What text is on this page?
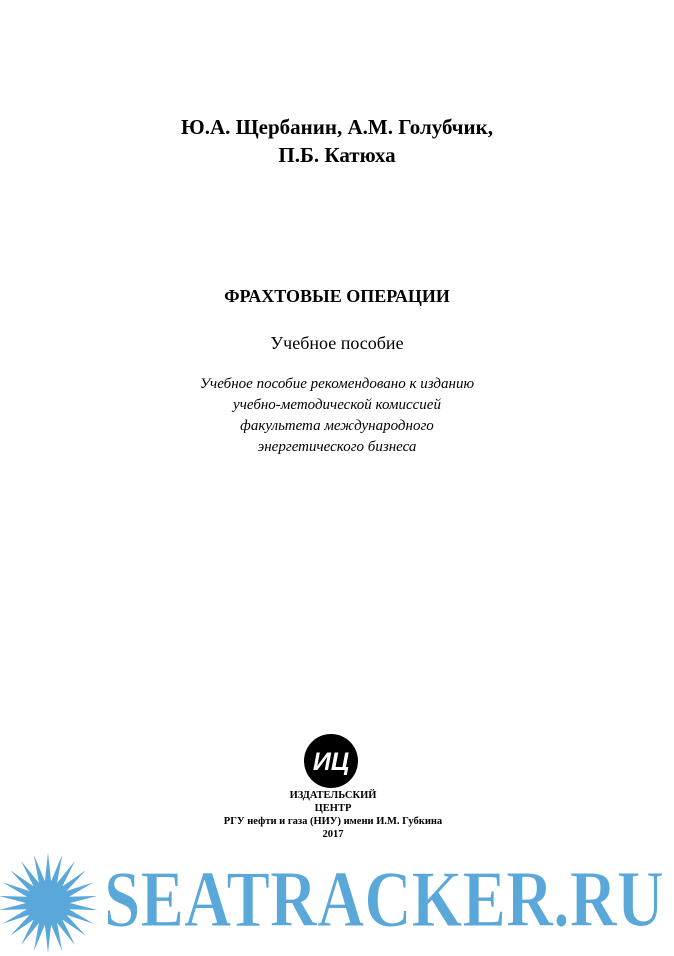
Ю.А. Щербанин, А.М. Голубчик,
П.Б. Катюха
ФРАХТОВЫЕ ОПЕРАЦИИ
Учебное пособие
Учебное пособие рекомендовано к изданию
учебно-методической комиссией
факультета международного
энергетического бизнеса
ИЦ
ИЗДАТЕЛЬСКИЙ
ЦЕНТР
РГУ нефти и газа (НИУ) имени И.М. Губкина
2017
SEATRACKER.RU
